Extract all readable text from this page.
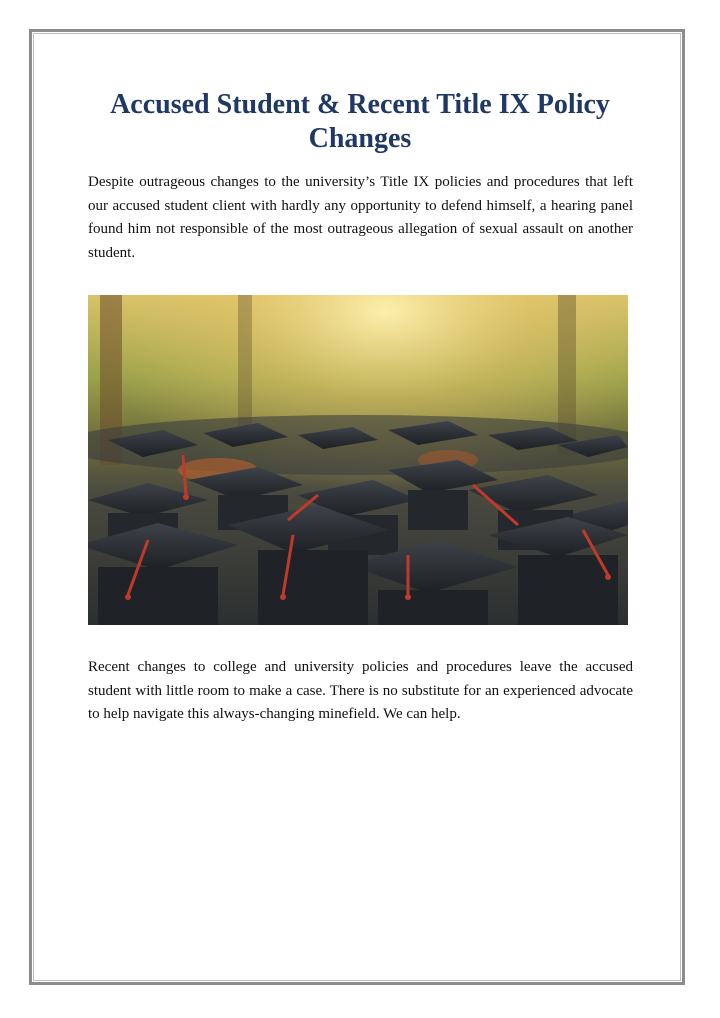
Accused Student & Recent Title IX Policy Changes

Despite outrageous changes to the university’s Title IX policies and procedures that left our accused student client with hardly any opportunity to defend himself, a hearing panel found him not responsible of the most outrageous allegation of sexual assault on another student.

Recent changes to college and university policies and procedures leave the accused student with little room to make a case. There is no substitute for an experienced advocate to help navigate this always-changing minefield. We can help.
